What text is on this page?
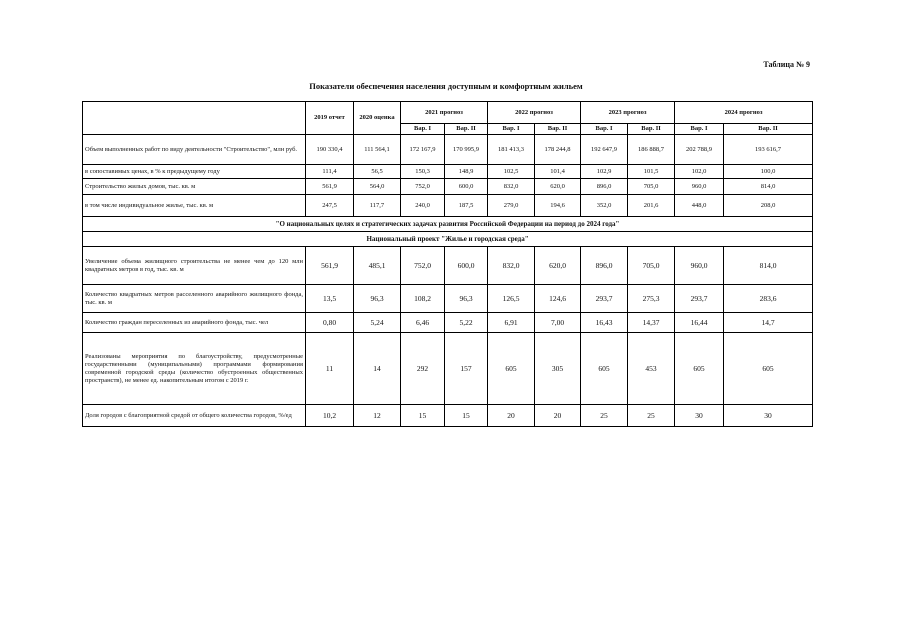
Таблица № 9
Показатели обеспечения населения доступным и комфортным жильем
	2019 отчет	2020 оценка	2021 прогноз		2022 прогноз		2023 прогноз		2024 прогноз	
			Вар. I	Вар. II	Вар. I	Вар. II	Вар. I	Вар. II	Вар. I	Вар. II
Объем выполненных работ по виду деятельности "Строительство", млн руб.	190 330,4	111 564,1	172 167,9	170 995,9	181 413,3	178 244,8	192 647,9	186 888,7	202 788,9	193 616,7
в сопоставимых ценах, в % к предыдущему году	111,4	56,5	150,3	148,9	102,5	101,4	102,9	101,5	102,0	100,0
Строительство жилых домов, тыс. кв. м	561,9	564,0	752,0	600,0	832,0	620,0	896,0	705,0	960,0	814,0
в том числе индивидуальное жилье, тыс. кв. м	247,5	117,7	240,0	187,5	279,0	194,6	352,0	201,6	448,0	208,0
"О национальных целях и стратегических задачах развития Российской Федерации на период до 2024 года"										
Национальный проект "Жилье и городская среда"										
Увеличение объема жилищного строительства не менее чем до 120 млн квадратных метров в год, тыс. кв. м	561,9	485,1	752,0	600,0	832,0	620,0	896,0	705,0	960,0	814,0
Количество квадратных метров расселенного аварийного жилищного фонда, тыс. кв. м	13,5	96,3	108,2	96,3	126,5	124,6	293,7	275,3	293,7	283,6
Количество граждан переселенных из аварийного фонда, тыс. чел	0,80	5,24	6,46	5,22	6,91	7,00	16,43	14,37	16,44	14,7
Реализованы мероприятия по благоустройству, предусмотренные государственными (муниципальными) программами формирования современной городской среды (количество обустроенных общественных пространств), не менее ед. накопительным итогом с 2019 г.	11	14	292	157	605	305	605	453	605	605
Доля городов с благоприятной средой от общего количества городов, %/ед	10,2	12	15	15	20	20	25	25	30	30
